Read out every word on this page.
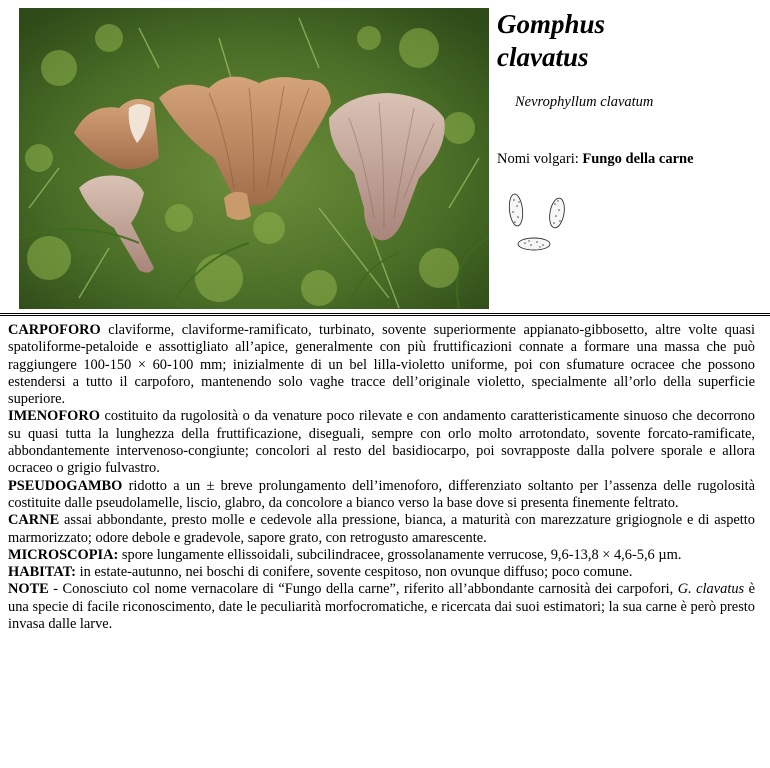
Gomphus
clavatus
Nevrophyllum clavatum
Nomi volgari: Fungo della carne

CARPOFORO claviforme, claviforme-ramificato, turbinato, sovente superiormente appianato-gibbosetto, altre volte quasi spatoliforme-petaloide e assottigliato all’apice, generalmente con più fruttificazioni connate a formare una massa che può raggiungere 100-150 × 60-100 mm; inizialmente di un bel lilla-violetto uniforme, poi con sfumature ocracee che possono estendersi a tutto il carpoforo, mantenendo solo vaghe tracce dell’originale violetto, specialmente all’orlo della superficie superiore.

IMENOFORO costituito da rugolosità o da venature poco rilevate e con andamento caratteristicamente sinuoso che decorrono su quasi tutta la lunghezza della fruttificazione, diseguali, sempre con orlo molto arrotondato, sovente forcato-ramificate, abbondantemente intervenoso-congiunte; concolori al resto del basidiocarpo, poi sovrapposte dalla polvere sporale e allora ocraceo o grigio fulvastro.

PSEUDOGAMBO ridotto a un ± breve prolungamento dell’imenoforo, differenziato soltanto per l’assenza delle rugolosità costituite dalle pseudolamelle, liscio, glabro, da concolore a bianco verso la base dove si presenta finemente feltrato.

CARNE assai abbondante, presto molle e cedevole alla pressione, bianca, a maturità con marezzature grigiognole e di aspetto marmorizzato; odore debole e gradevole, sapore grato, con retrogusto amarescente.

MICROSCOPIA: spore lungamente ellissoidali, subcilindracee, grossolanamente verrucose, 9,6-13,8 × 4,6-5,6 µm.

HABITAT: in estate-autunno, nei boschi di conifere, sovente cespitoso, non ovunque diffuso; poco comune.

NOTE - Conosciuto col nome vernacolare di “Fungo della carne”, riferito all’abbondante carnosità dei carpofori, G. clavatus è una specie di facile riconoscimento, date le peculiarità morfocromatiche, e ricercata dai suoi estimatori; la sua carne è però presto invasa dalle larve.
